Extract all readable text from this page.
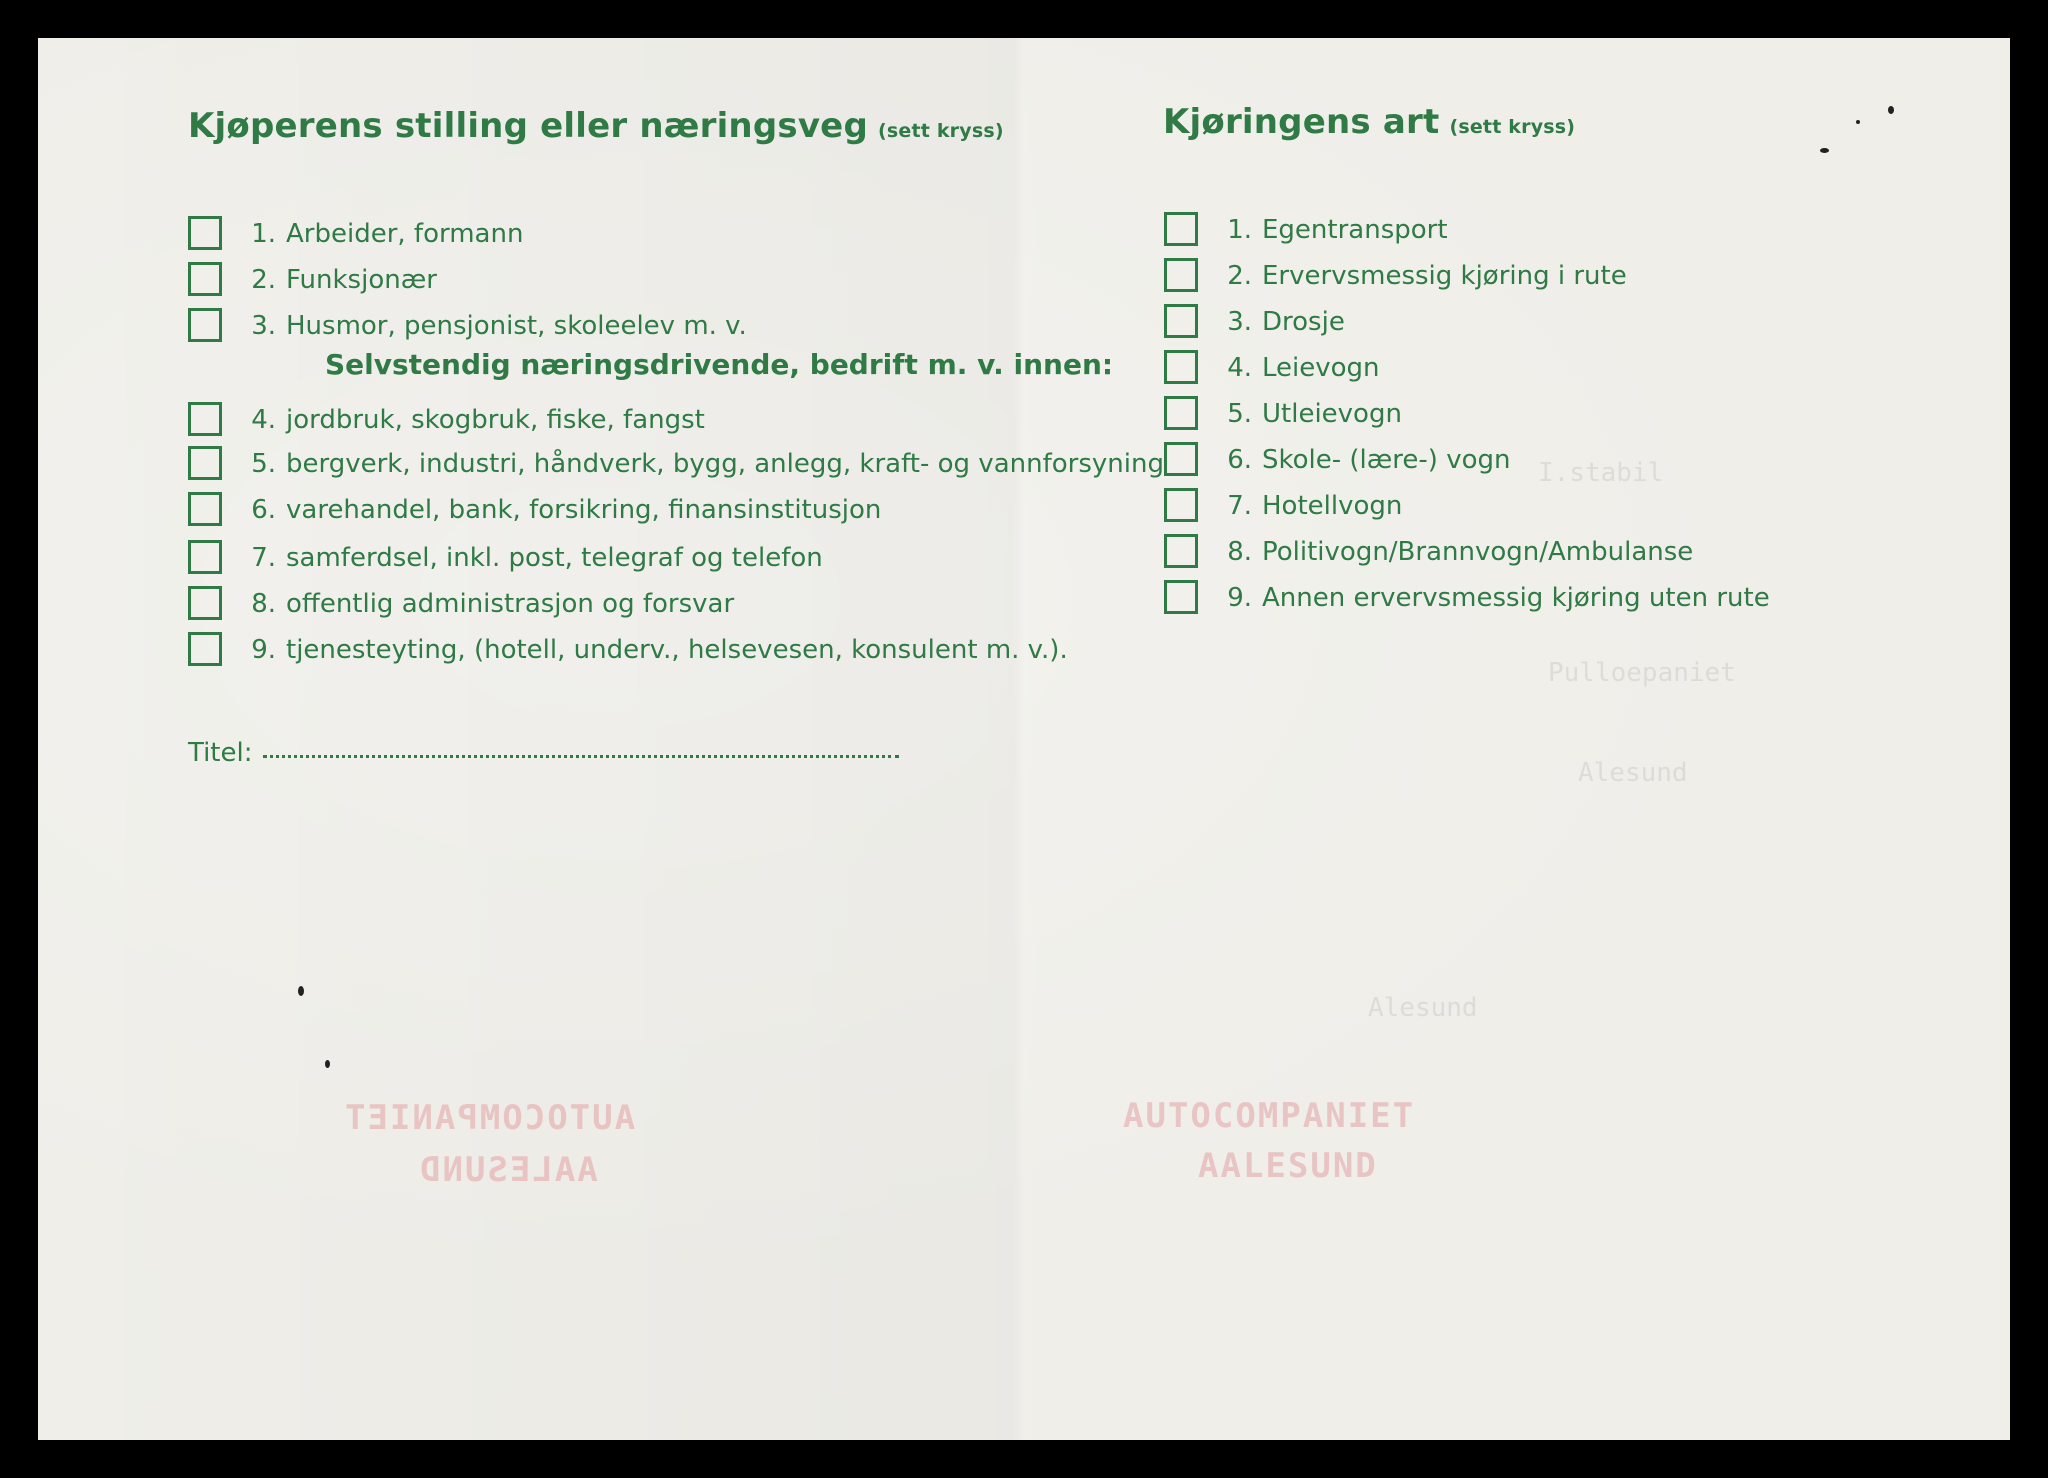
I.stabil
Pulloepaniet
Alesund
Alesund
Kjøperens stilling eller næringsveg (sett kryss)
1. Arbeider, formann
2. Funksjonær
3. Husmor, pensjonist, skoleelev m. v.
Selvstendig næringsdrivende, bedrift m. v. innen:
4. jordbruk, skogbruk, fiske, fangst
5. bergverk, industri, håndverk, bygg, anlegg, kraft- og vannforsyning
6. varehandel, bank, forsikring, finansinstitusjon
7. samferdsel, inkl. post, telegraf og telefon
8. offentlig administrasjon og forsvar
9. tjenesteyting, (hotell, underv., helsevesen, konsulent m. v.).
Titel:
Kjøringens art (sett kryss)
1. Egentransport
2. Ervervsmessig kjøring i rute
3. Drosje
4. Leievogn
5. Utleievogn
6. Skole- (lære-) vogn
7. Hotellvogn
8. Politivogn/Brannvogn/Ambulanse
9. Annen ervervsmessig kjøring uten rute
AUTOCOMPANIET
AALESUND
AUTOCOMPANIET
AALESUND
